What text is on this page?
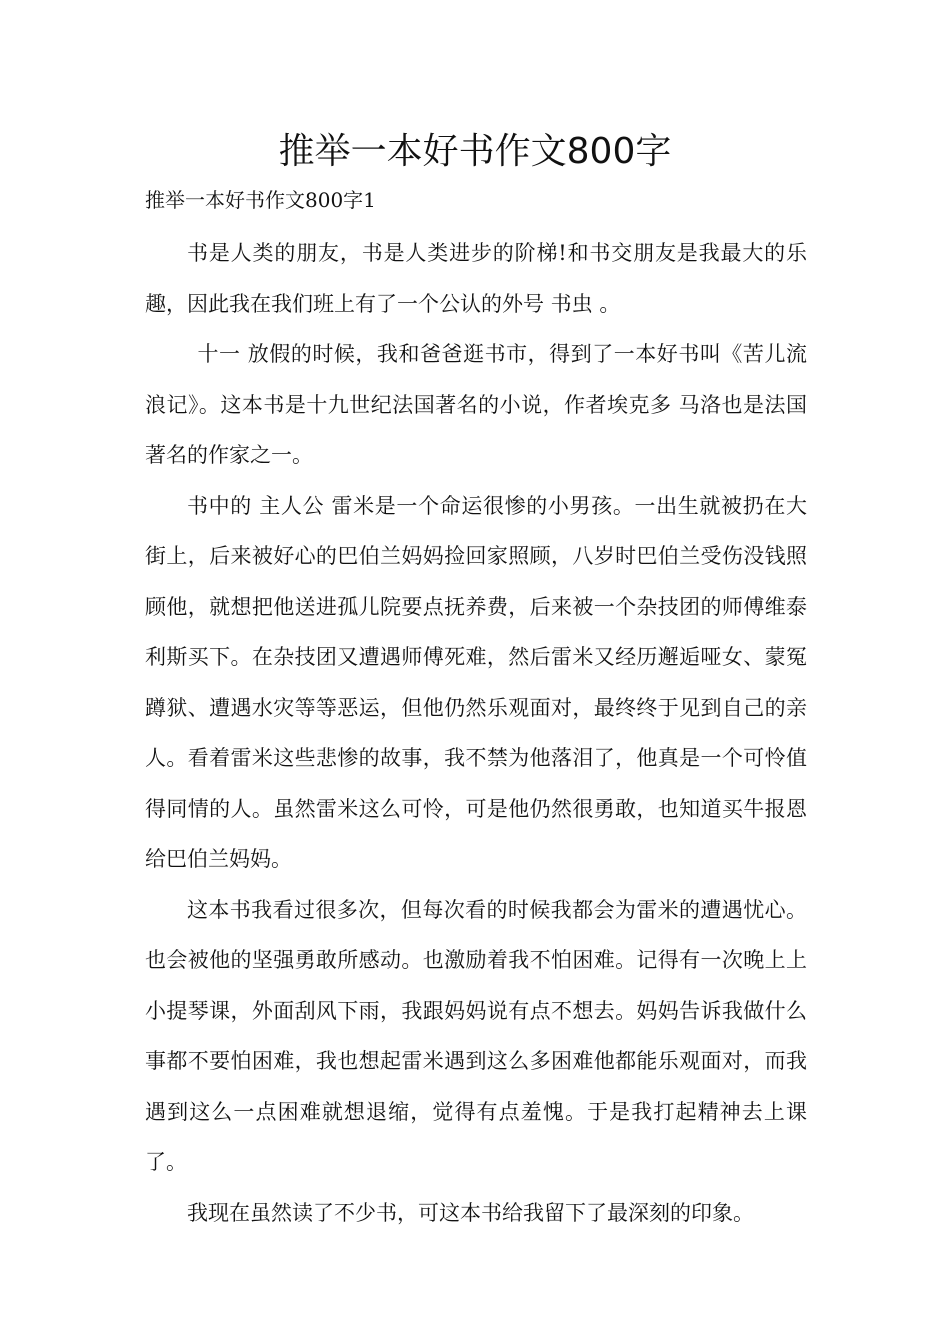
推举一本好书作文800字
推举一本好书作文800字1

书是人类的朋友，书是人类进步的阶梯!和书交朋友是我最大的乐趣，因此我在我们班上有了一个公认的外号 书虫 。

十一 放假的时候，我和爸爸逛书市，得到了一本好书叫《苦儿流浪记》。这本书是十九世纪法国著名的小说，作者埃克多 马洛也是法国著名的作家之一。

书中的 主人公 雷米是一个命运很惨的小男孩。一出生就被扔在大街上，后来被好心的巴伯兰妈妈捡回家照顾，八岁时巴伯兰受伤没钱照顾他，就想把他送进孤儿院要点抚养费，后来被一个杂技团的师傅维泰利斯买下。在杂技团又遭遇师傅死难，然后雷米又经历邂逅哑女、蒙冤蹲狱、遭遇水灾等等恶运，但他仍然乐观面对，最终终于见到自己的亲人。看着雷米这些悲惨的故事，我不禁为他落泪了，他真是一个可怜值得同情的人。虽然雷米这么可怜，可是他仍然很勇敢，也知道买牛报恩给巴伯兰妈妈。

这本书我看过很多次，但每次看的时候我都会为雷米的遭遇忧心。也会被他的坚强勇敢所感动。也激励着我不怕困难。记得有一次晚上上小提琴课，外面刮风下雨，我跟妈妈说有点不想去。妈妈告诉我做什么事都不要怕困难，我也想起雷米遇到这么多困难他都能乐观面对，而我遇到这么一点困难就想退缩，觉得有点羞愧。于是我打起精神去上课了。

我现在虽然读了不少书，可这本书给我留下了最深刻的印象。
